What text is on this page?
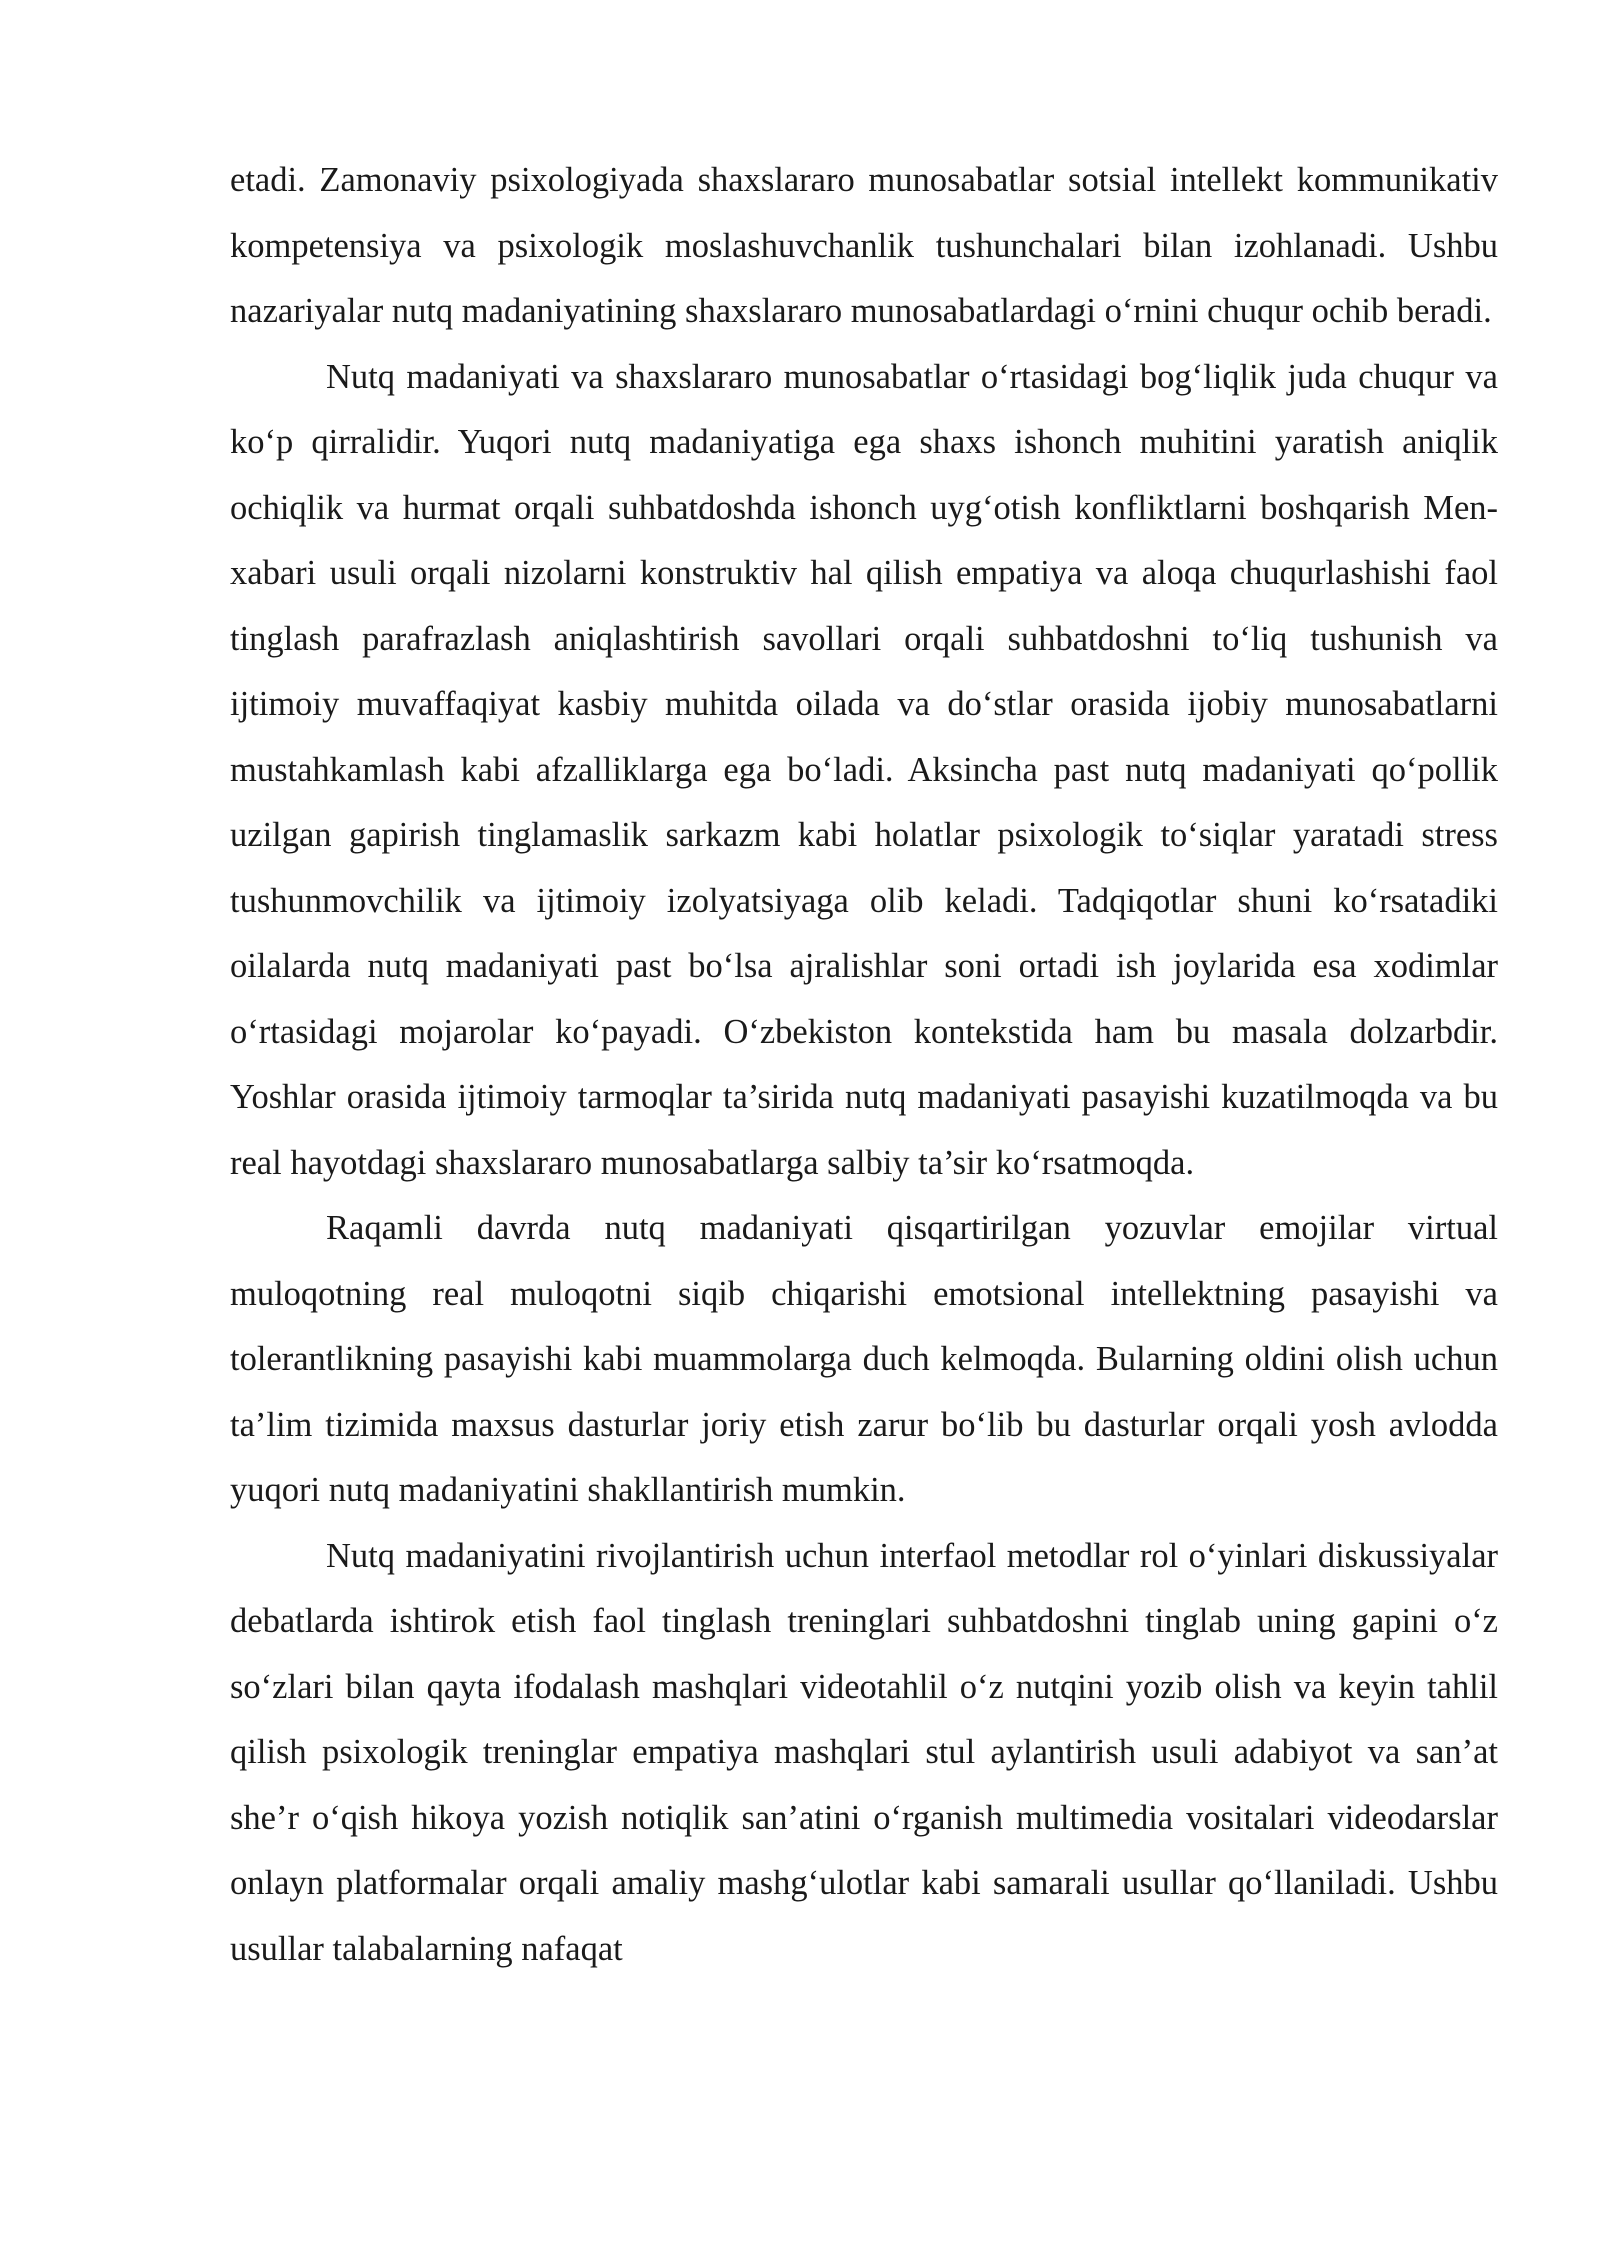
etadi. Zamonaviy psixologiyada shaxslararo munosabatlar sotsial intellekt kommunikativ kompetensiya va psixologik moslashuvchanlik tushunchalari bilan izohlanadi. Ushbu nazariyalar nutq madaniyatining shaxslararo munosabatlardagi o‘rnini chuqur ochib beradi.

Nutq madaniyati va shaxslararo munosabatlar o‘rtasidagi bog‘liqlik juda chuqur va ko‘p qirralidir. Yuqori nutq madaniyatiga ega shaxs ishonch muhitini yaratish aniqlik ochiqlik va hurmat orqali suhbatdoshda ishonch uyg‘otish konfliktlarni boshqarish Men-xabari usuli orqali nizolarni konstruktiv hal qilish empatiya va aloqa chuqurlashishi faol tinglash parafrazlash aniqlashtirish savollari orqali suhbatdoshni to‘liq tushunish va ijtimoiy muvaffaqiyat kasbiy muhitda oilada va do‘stlar orasida ijobiy munosabatlarni mustahkamlash kabi afzalliklarga ega bo‘ladi. Aksincha past nutq madaniyati qo‘pollik uzilgan gapirish tinglamaslik sarkazm kabi holatlar psixologik to‘siqlar yaratadi stress tushunmovchilik va ijtimoiy izolyatsiyaga olib keladi. Tadqiqotlar shuni ko‘rsatadiki oilalarda nutq madaniyati past bo‘lsa ajralishlar soni ortadi ish joylarida esa xodimlar o‘rtasidagi mojarolar ko‘payadi. O‘zbekiston kontekstida ham bu masala dolzarbdir. Yoshlar orasida ijtimoiy tarmoqlar ta’sirida nutq madaniyati pasayishi kuzatilmoqda va bu real hayotdagi shaxslararo munosabatlarga salbiy ta’sir ko‘rsatmoqda.

Raqamli davrda nutq madaniyati qisqartirilgan yozuvlar emojilar virtual muloqotning real muloqotni siqib chiqarishi emotsional intellektning pasayishi va tolerantlikning pasayishi kabi muammolarga duch kelmoqda. Bularning oldini olish uchun ta’lim tizimida maxsus dasturlar joriy etish zarur bo‘lib bu dasturlar orqali yosh avlodda yuqori nutq madaniyatini shakllantirish mumkin.

Nutq madaniyatini rivojlantirish uchun interfaol metodlar rol o‘yinlari diskussiyalar debatlarda ishtirok etish faol tinglash treninglari suhbatdoshni tinglab uning gapini o‘z so‘zlari bilan qayta ifodalash mashqlari videotahlil o‘z nutqini yozib olish va keyin tahlil qilish psixologik treninglar empatiya mashqlari stul aylantirish usuli adabiyot va san’at she’r o‘qish hikoya yozish notiqlik san’atini o‘rganish multimedia vositalari videodarslar onlayn platformalar orqali amaliy mashg‘ulotlar kabi samarali usullar qo‘llaniladi. Ushbu usullar talabalarning nafaqat
